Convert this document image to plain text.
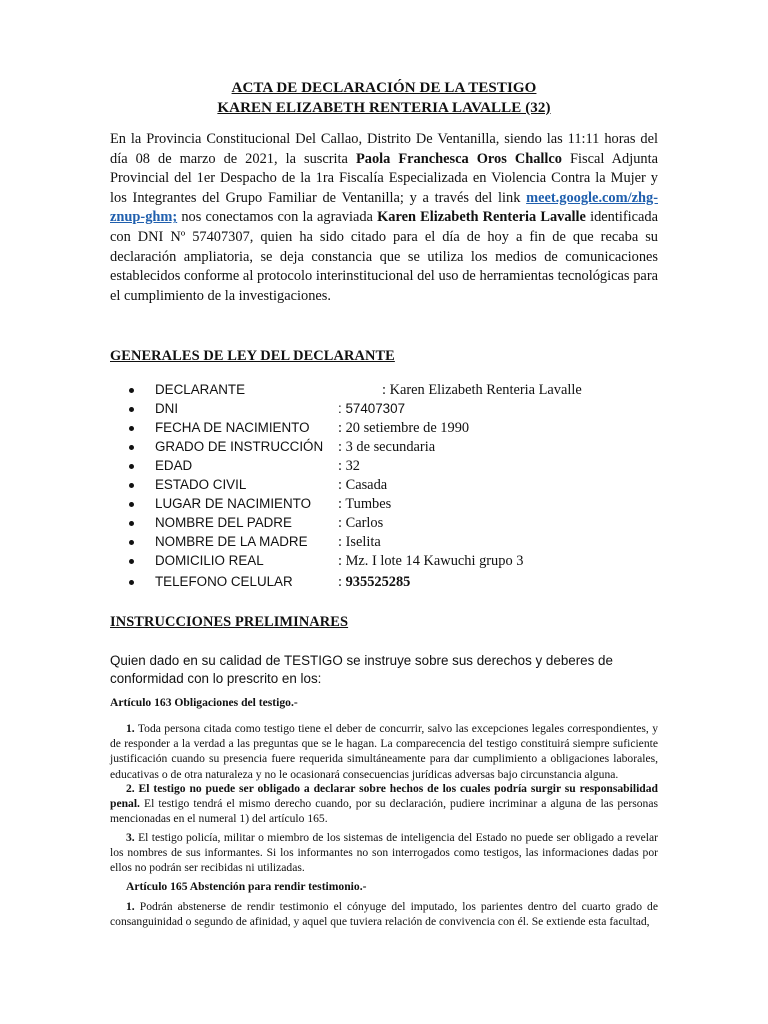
ACTA DE DECLARACIÓN DE LA TESTIGO
KAREN ELIZABETH RENTERIA LAVALLE (32)
En la Provincia Constitucional Del Callao, Distrito De Ventanilla, siendo las 11:11 horas del día 08 de marzo de 2021, la suscrita Paola Franchesca Oros Challco Fiscal Adjunta Provincial del 1er Despacho de la 1ra Fiscalía Especializada en Violencia Contra la Mujer y los Integrantes del Grupo Familiar de Ventanilla; y a través del link meet.google.com/zhg-znup-ghm; nos conectamos con la agraviada Karen Elizabeth Renteria Lavalle identificada con DNI Nº 57407307, quien ha sido citado para el día de hoy a fin de que recaba su declaración ampliatoria, se deja constancia que se utiliza los medios de comunicaciones establecidos conforme al protocolo interinstitucional del uso de herramientas tecnológicas para el cumplimiento de la investigaciones.
GENERALES DE LEY DEL DECLARANTE
DECLARANTE	: Karen Elizabeth Renteria Lavalle
DNI	: 57407307
FECHA DE NACIMIENTO : 20 setiembre de 1990
GRADO DE INSTRUCCIÓN : 3 de secundaria
EDAD	: 32
ESTADO CIVIL	: Casada
LUGAR DE NACIMIENTO : Tumbes
NOMBRE DEL PADRE	: Carlos
NOMBRE DE LA MADRE : Iselita
DOMICILIO REAL	: Mz. I lote 14 Kawuchi grupo 3
TELEFONO CELULAR	: 935525285
INSTRUCCIONES PRELIMINARES
Quien dado en su calidad de TESTIGO se instruye sobre sus derechos y deberes de conformidad con lo prescrito en los:
Artículo 163 Obligaciones del testigo.-
1. Toda persona citada como testigo tiene el deber de concurrir, salvo las excepciones legales correspondientes, y de responder a la verdad a las preguntas que se le hagan. La comparecencia del testigo constituirá siempre suficiente justificación cuando su presencia fuere requerida simultáneamente para dar cumplimiento a obligaciones laborales, educativas o de otra naturaleza y no le ocasionará consecuencias jurídicas adversas bajo circunstancia alguna.
2. El testigo no puede ser obligado a declarar sobre hechos de los cuales podría surgir su responsabilidad penal. El testigo tendrá el mismo derecho cuando, por su declaración, pudiere incriminar a alguna de las personas mencionadas en el numeral 1) del artículo 165.
3. El testigo policía, militar o miembro de los sistemas de inteligencia del Estado no puede ser obligado a revelar los nombres de sus informantes. Si los informantes no son interrogados como testigos, las informaciones dadas por ellos no podrán ser recibidas ni utilizadas.
Artículo 165 Abstención para rendir testimonio.-
1. Podrán abstenerse de rendir testimonio el cónyuge del imputado, los parientes dentro del cuarto grado de consanguinidad o segundo de afinidad, y aquel que tuviera relación de convivencia con él. Se extiende esta facultad,
